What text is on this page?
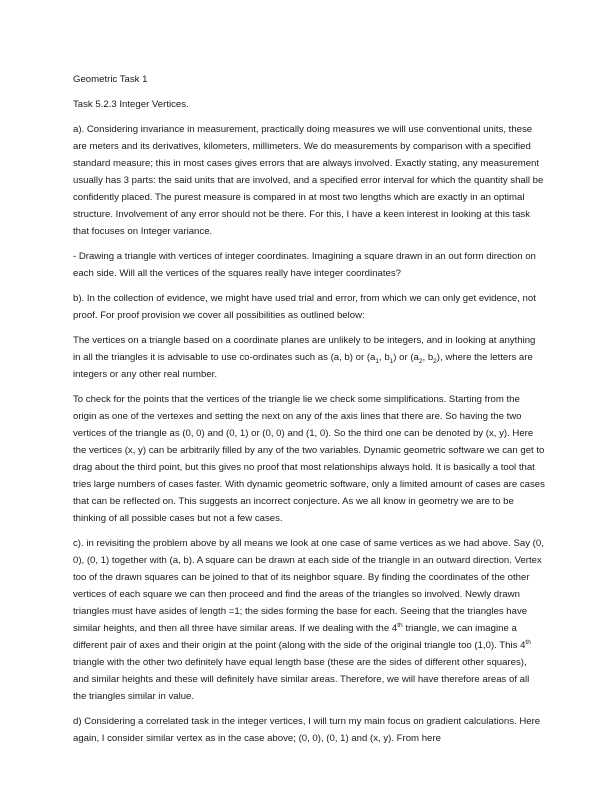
Geometric Task 1

Task 5.2.3 Integer Vertices.

a). Considering invariance in measurement, practically doing measures we will use conventional units, these are meters and its derivatives, kilometers, millimeters. We do measurements by comparison with a specified standard measure; this in most cases gives errors that are always involved. Exactly stating, any measurement usually has 3 parts: the said units that are involved, and a specified error interval for which the quantity shall be confidently placed. The purest measure is compared in at most two lengths which are exactly in an optimal structure. Involvement of any error should not be there. For this, I have a keen interest in looking at this task that focuses on Integer variance.

- Drawing a triangle with vertices of integer coordinates. Imagining a square drawn in an out form direction on each side. Will all the vertices of the squares really have integer coordinates?

b). In the collection of evidence, we might have used trial and error, from which we can only get evidence, not proof. For proof provision we cover all possibilities as outlined below:

The vertices on a triangle based on a coordinate planes are unlikely to be integers, and in looking at anything in all the triangles it is advisable to use co-ordinates such as (a, b) or ($a_1$, $b_1$) or ($a_2$, $b_2$), where the letters are integers or any other real number.

To check for the points that the vertices of the triangle lie we check some simplifications. Starting from the origin as one of the vertexes and setting the next on any of the axis lines that there are. So having the two vertices of the triangle as (0, 0) and (0, 1) or (0, 0) and (1, 0). So the third one can be denoted by (x, y). Here the vertices (x, y) can be arbitrarily filled by any of the two variables. Dynamic geometric software we can get to drag about the third point, but this gives no proof that most relationships always hold. It is basically a tool that tries large numbers of cases faster. With dynamic geometric software, only a limited amount of cases are cases that can be reflected on. This suggests an incorrect conjecture. As we all know in geometry we are to be thinking of all possible cases but not a few cases.

c). in revisiting the problem above by all means we look at one case of same vertices as we had above. Say (0, 0), (0, 1) together with (a, b). A square can be drawn at each side of the triangle in an outward direction. Vertex too of the drawn squares can be joined to that of its neighbor square. By finding the coordinates of the other vertices of each square we can then proceed and find the areas of the triangles so involved. Newly drawn triangles must have asides of length =1; the sides forming the base for each. Seeing that the triangles have similar heights, and then all three have similar areas. If we dealing with the 4th triangle, we can imagine a different pair of axes and their origin at the point (along with the side of the original triangle too (1,0). This 4th triangle with the other two definitely have equal length base (these are the sides of different other squares), and similar heights and these will definitely have similar areas. Therefore, we will have therefore areas of all the triangles similar in value.

d) Considering a correlated task in the integer vertices, I will turn my main focus on gradient calculations. Here again, I consider similar vertex as in the case above; (0, 0), (0, 1) and (x, y). From here
